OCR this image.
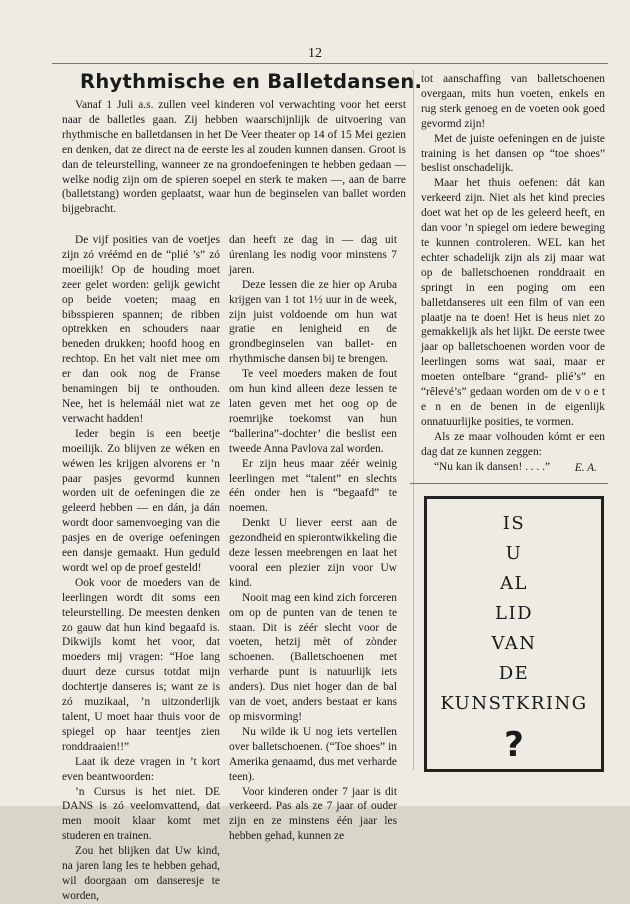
12
Rhythmische en Balletdansen.

Vanaf 1 Juli a.s. zullen veel kinderen vol verwachting voor het eerst naar de balletles gaan. Zij hebben waarschijnlijk de uitvoering van rhythmische en balletdansen in het De Veer theater op 14 of 15 Mei gezien en denken, dat ze direct na de eerste les al zouden kunnen dansen. Groot is dan de teleurstelling, wanneer ze na grondoefeningen te hebben gedaan — welke nodig zijn om de spieren soepel en sterk te maken —, aan de barre (balletstang) worden geplaatst, waar hun de beginselen van ballet worden bijgebracht.

De vijf posities van de voetjes zijn zó vréémd en de “plié ’s” zó moeilijk! Op de houding moet zeer gelet worden: gelijk gewicht op beide voeten; maag en bibsspieren spannen; de ribben optrekken en schouders naar beneden drukken; hoofd hoog en rechtop. En het valt niet mee om er dan ook nog de Franse benamingen bij te onthouden. Nee, het is helemáál niet wat ze verwacht hadden!

Ieder begin is een beetje moeilijk. Zo blijven ze wéken en wéwen les krijgen alvorens er ’n paar pasjes gevormd kunnen worden uit de oefeningen die ze geleerd hebben — en dán, ja dán wordt door samenvoeging van die pasjes en de overige oefeningen een dansje gemaakt. Hun geduld wordt wel op de proef gesteld!

Ook voor de moeders van de leerlingen wordt dit soms een teleurstelling. De meesten denken zo gauw dat hun kind begaafd is. Dikwijls komt het voor, dat moeders mij vragen: “Hoe lang duurt deze cursus totdat mijn dochtertje danseres is; want ze is zó muzikaal, ’n uitzonderlijk talent, U moet haar thuis voor de spiegel op haar teentjes zien ronddraaien!!”

Laat ik deze vragen in ’t kort even beantwoorden:

’n Cursus is het niet. DE DANS is zó veelomvattend, dat men mooit klaar komt met studeren en trainen.

Zou het blijken dat Uw kind, na jaren lang les te hebben gehad, wil doorgaan om danseresje te worden,

dan heeft ze dag in — dag uit úrenlang les nodig voor minstens 7 jaren.

Deze lessen die ze hier op Aruba krijgen van 1 tot 1½ uur in de week, zijn juist voldoende om hun wat gratie en lenigheid en de grondbeginselen van ballet- en rhythmische dansen bij te brengen.

Te veel moeders maken de fout om hun kind alleen deze lessen te laten geven met het oog op de roemrijke toekomst van hun “ballerina”-dochter’ die beslist een tweede Anna Pavlova zal worden.

Er zijn heus maar zéér weinig leerlingen met “talent” en slechts één onder hen is “begaafd” te noemen.

Denkt U liever eerst aan de gezondheid en spierontwikkeling die deze lessen meebrengen en laat het vooral een plezier zijn voor Uw kind.

Nooit mag een kind zich forceren om op de punten van de tenen te staan. Dit is zéér slecht voor de voeten, hetzij mèt of zònder schoenen. (Balletschoenen met verharde punt is natuurlijk iets anders). Dus niet hoger dan de bal van de voet, anders bestaat er kans op misvorming!

Nu wilde ik U nog iets vertellen over balletschoenen. (“Toe shoes” in Amerika genaamd, dus met verharde teen).

Voor kinderen onder 7 jaar is dit verkeerd. Pas als ze 7 jaar of ouder zijn en ze minstens één jaar les hebben gehad, kunnen ze

tot aanschaffing van balletschoenen overgaan, mits hun voeten, enkels en rug sterk genoeg en de voeten ook goed gevormd zijn!

Met de juiste oefeningen en de juiste training is het dansen op “toe shoes” beslist onschadelijk.

Maar het thuis oefenen: dát kan verkeerd zijn. Niet als het kind precies doet wat het op de les geleerd heeft, en dan voor ’n spiegel om iedere beweging te kunnen controleren. WEL kan het echter schadelijk zijn als zij maar wat op de balletschoenen ronddraait en springt in een poging om een balletdanseres uit een film of van een plaatje na te doen! Het is heus niet zo gemakkelijk als het lijkt. De eerste twee jaar op balletschoenen worden voor de leerlingen soms wat saai, maar er moeten ontelbare “grand- plié’s” en “rêlevé’s” gedaan worden om de v o e t e n en de benen in de eigenlijk onnatuurlijke posities, te vormen.

Als ze maar volhouden kómt er een dag dat ze kunnen zeggen:

“Nu kan ik dansen! . . . .”	E. A.
IS
U
AL
LID
VAN
DE
KUNSTKRING
?
